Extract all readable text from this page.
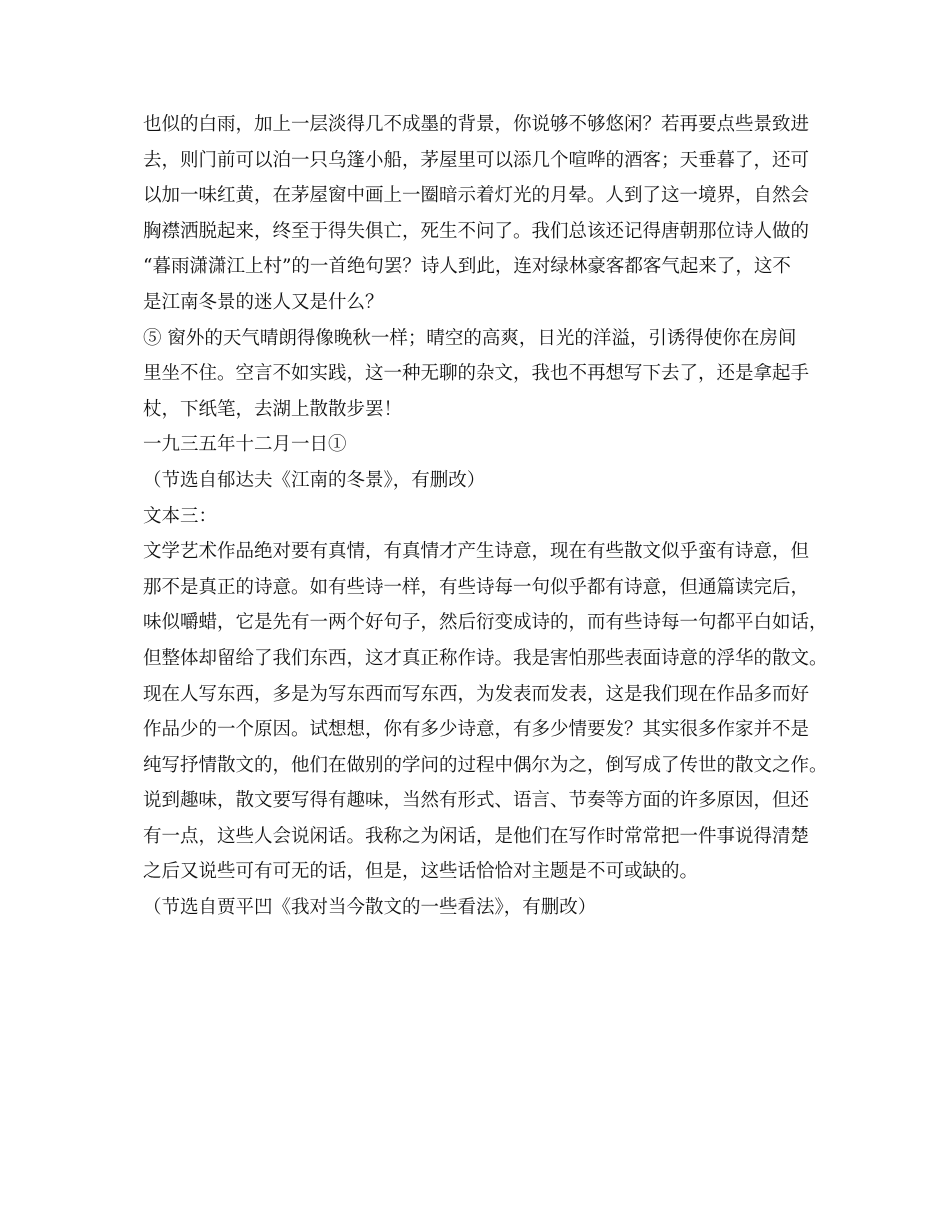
也似的白雨，加上一层淡得几不成墨的背景，你说够不够悠闲？若再要点些景致进
去，则门前可以泊一只乌篷小船，茅屋里可以添几个喧哗的酒客；天垂暮了，还可
以加一味红黄，在茅屋窗中画上一圈暗示着灯光的月晕。人到了这一境界，自然会
胸襟洒脱起来，终至于得失俱亡，死生不问了。我们总该还记得唐朝那位诗人做的
“暮雨潇潇江上村”的一首绝句罢？诗人到此，连对绿林豪客都客气起来了，这不
是江南冬景的迷人又是什么？
⑤ 窗外的天气晴朗得像晚秋一样；晴空的高爽，日光的洋溢，引诱得使你在房间
里坐不住。空言不如实践，这一种无聊的杂文，我也不再想写下去了，还是拿起手
杖，下纸笔，去湖上散散步罢！
一九三五年十二月一日①
（节选自郁达夫《江南的冬景》，有删改）
文本三：
文学艺术作品绝对要有真情，有真情才产生诗意，现在有些散文似乎蛮有诗意，但
那不是真正的诗意。如有些诗一样，有些诗每一句似乎都有诗意，但通篇读完后，
味似嚼蜡，它是先有一两个好句子，然后衍变成诗的，而有些诗每一句都平白如话，
但整体却留给了我们东西，这才真正称作诗。我是害怕那些表面诗意的浮华的散文。
现在人写东西，多是为写东西而写东西，为发表而发表，这是我们现在作品多而好
作品少的一个原因。试想想，你有多少诗意，有多少情要发？其实很多作家并不是
纯写抒情散文的，他们在做别的学问的过程中偶尔为之，倒写成了传世的散文之作。
说到趣味，散文要写得有趣味，当然有形式、语言、节奏等方面的许多原因，但还
有一点，这些人会说闲话。我称之为闲话，是他们在写作时常常把一件事说得清楚
之后又说些可有可无的话，但是，这些话恰恰对主题是不可或缺的。
（节选自贾平凹《我对当今散文的一些看法》，有删改）
